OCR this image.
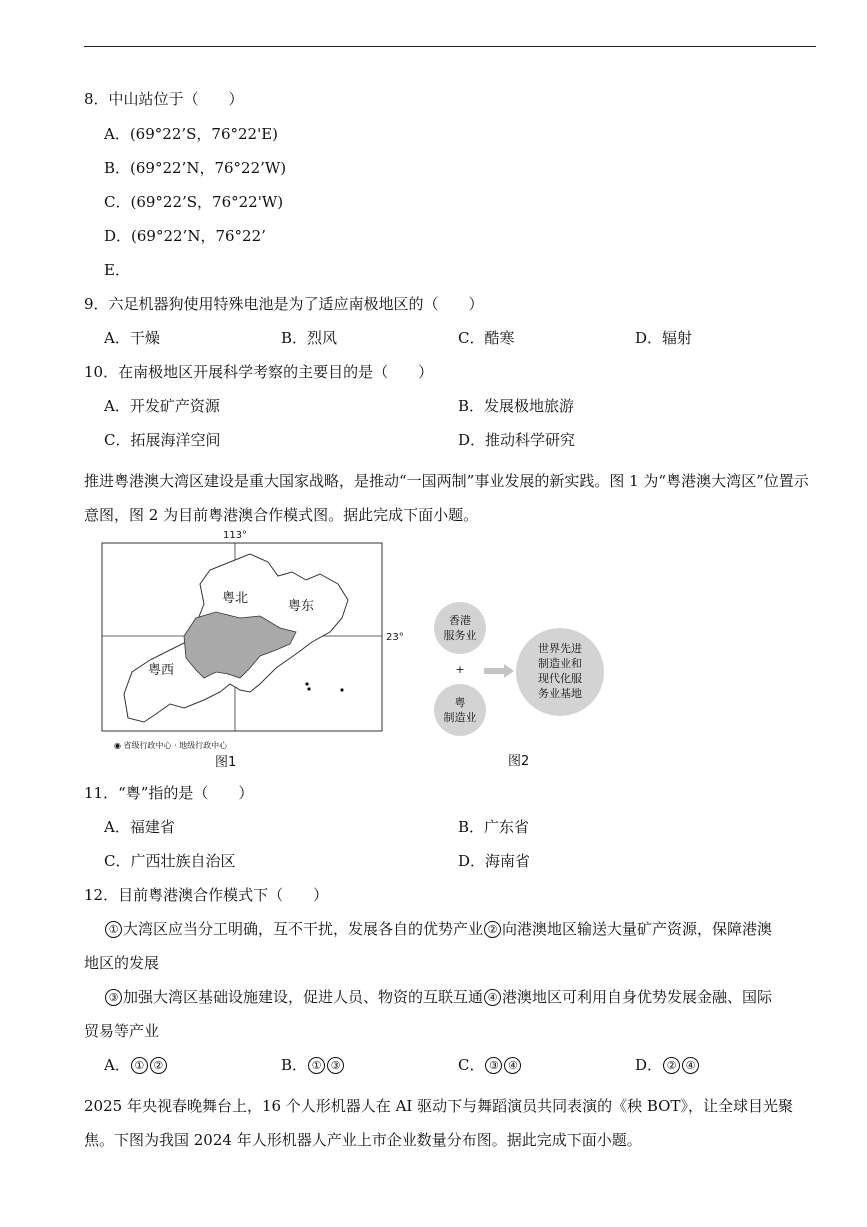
8．中山站位于（　　）
A．(69°22’S，76°22'E)
B．(69°22’N，76°22’W)
C．(69°22’S，76°22'W)
D．(69°22’N，76°22’
E．
9．六足机器狗使用特殊电池是为了适应南极地区的（　　）
A．干燥	B．烈风	C．酷寒	D．辐射
10．在南极地区开展科学考察的主要目的是（　　）
A．开发矿产资源	B．发展极地旅游
C．拓展海洋空间	D．推动科学研究
推进粤港澳大湾区建设是重大国家战略，是推动“一国两制”事业发展的新实践。图 1 为“粤港澳大湾区”位置示意图，图 2 为目前粤港澳合作模式图。据此完成下面小题。
113°
23°
粤北
粤东
粤西
◉ 省级行政中心 · 地级行政中心
图1
香港
服务业
+
粤
制造业
世界先进
制造业和
现代化服
务业基地
图2
11．“粤”指的是（　　）
A．福建省	B．广东省
C．广西壮族自治区	D．海南省
12．目前粤港澳合作模式下（　　）
① 大湾区应当分工明确，互不干扰，发展各自的优势产业 ② 向港澳地区输送大量矿产资源，保障港澳
地区的发展
③ 加强大湾区基础设施建设，促进人员、物资的互联互通 ④ 港澳地区可利用自身优势发展金融、国际
贸易等产业
A． ① ②	B． ① ③	C． ③ ④	D． ② ④
2025 年央视春晚舞台上，16 个人形机器人在 AI 驱动下与舞蹈演员共同表演的《秧 BOT》，让全球目光聚焦。下图为我国 2024 年人形机器人产业上市企业数量分布图。据此完成下面小题。
